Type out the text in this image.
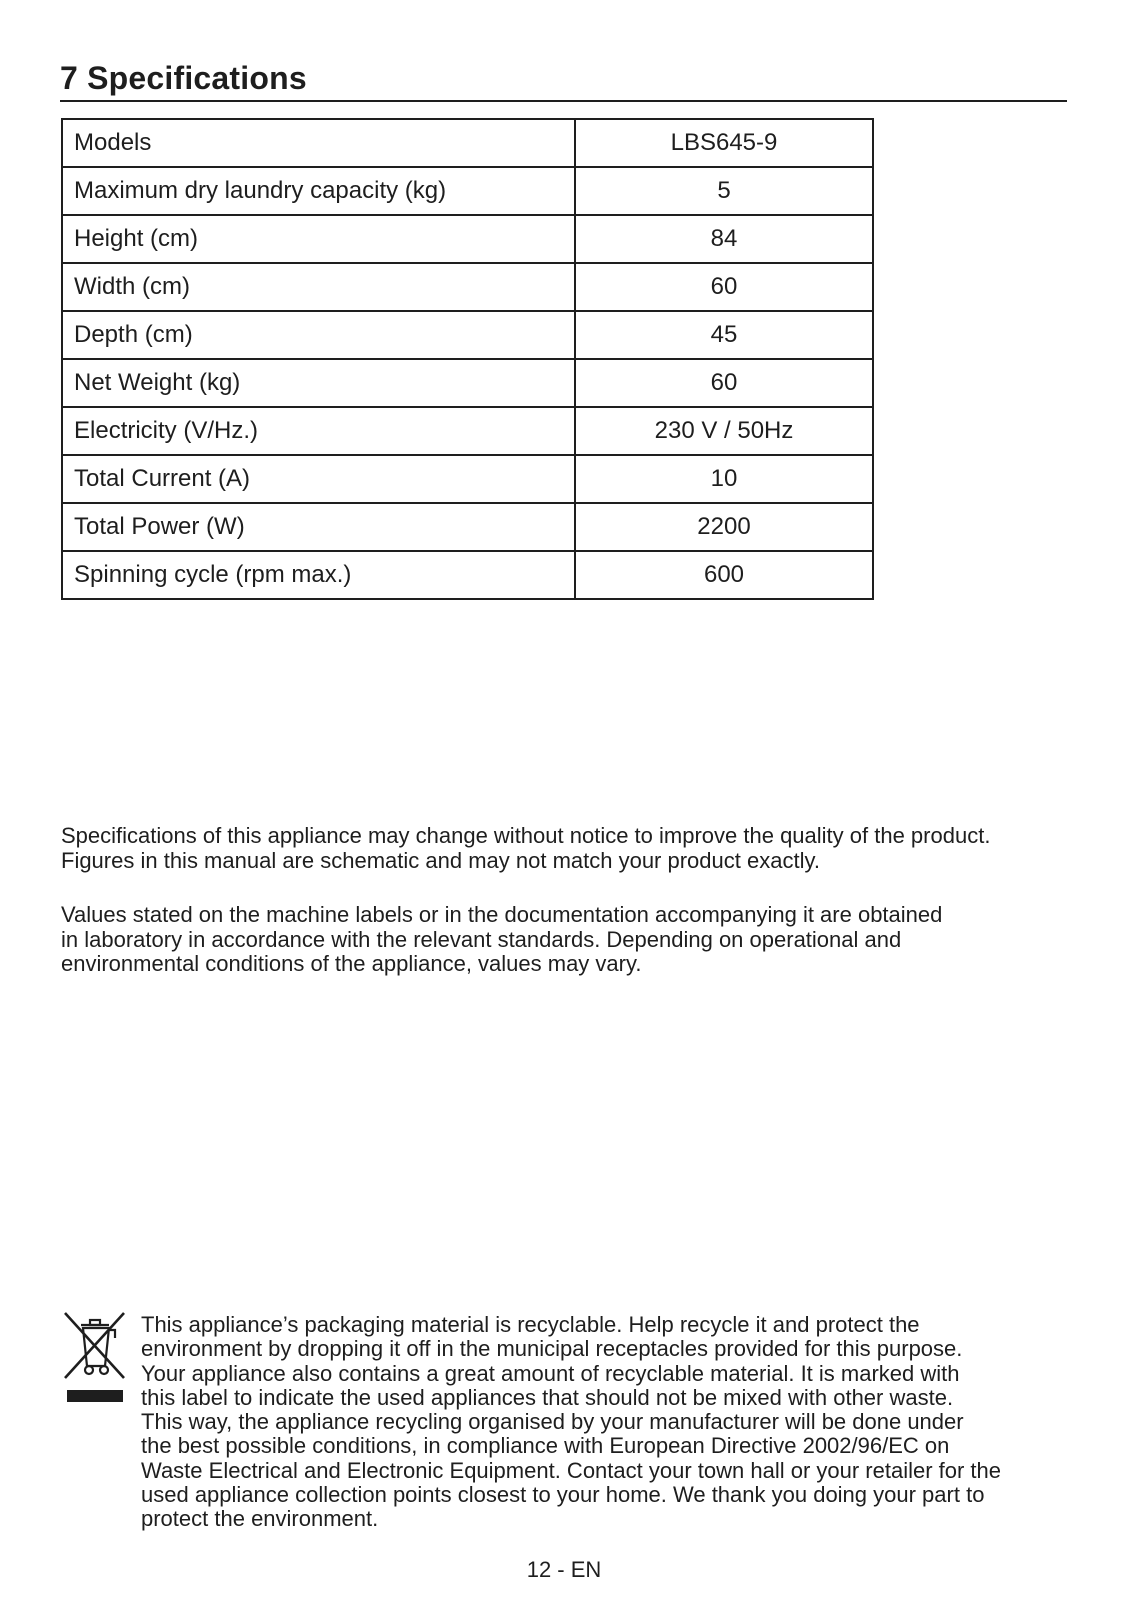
7 Specifications
Models	LBS645-9
Maximum dry laundry capacity (kg)	5
Height (cm)	84
Width (cm)	60
Depth (cm)	45
Net Weight (kg)	60
Electricity (V/Hz.)	230 V / 50Hz
Total Current (A)	10
Total Power (W)	2200
Spinning cycle (rpm max.)	600

Specifications of this appliance may change without notice to improve the quality of the product.
Figures in this manual are schematic and may not match your product exactly.

Values stated on the machine labels or in the documentation accompanying it are obtained
in laboratory in accordance with the relevant standards. Depending on operational and
environmental conditions of the appliance, values may vary.

This appliance’s packaging material is recyclable. Help recycle it and protect the
environment by dropping it off in the municipal receptacles provided for this purpose.
Your appliance also contains a great amount of recyclable material. It is marked with
this label to indicate the used appliances that should not be mixed with other waste.
This way, the appliance recycling organised by your manufacturer will be done under
the best possible conditions, in compliance with European Directive 2002/96/EC on
Waste Electrical and Electronic Equipment. Contact your town hall or your retailer for the
used appliance collection points closest to your home. We thank you doing your part to
protect the environment.

12 - EN
